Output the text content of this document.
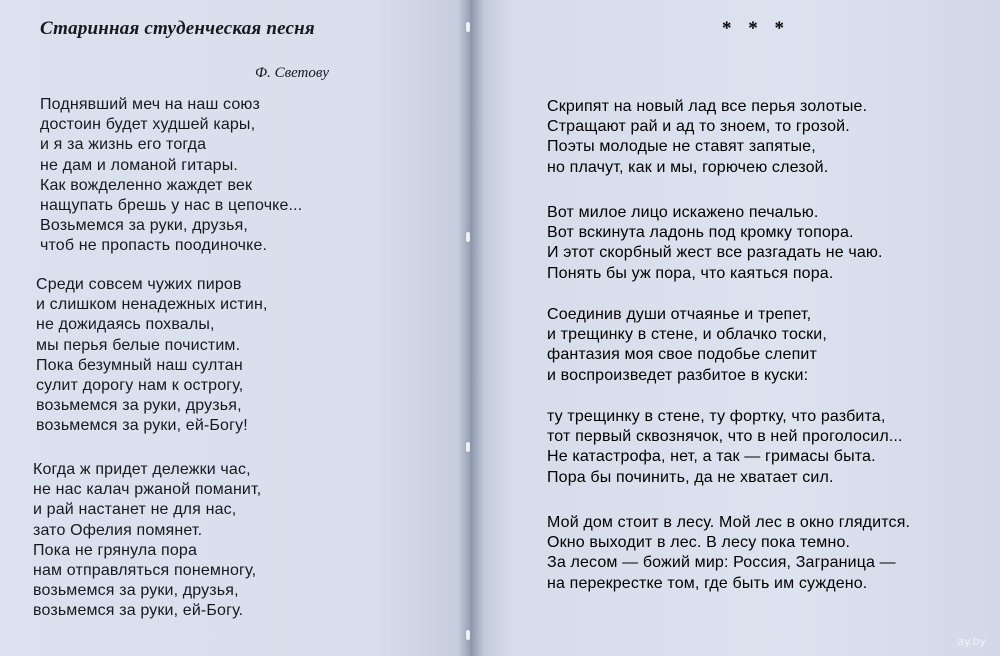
Старинная студенческая песня
Ф. Светову
Поднявший меч на наш союз
достоин будет худшей кары,
и я за жизнь его тогда
не дам и ломаной гитары.
Как вожделенно жаждет век
нащупать брешь у нас в цепочке...
Возьмемся за руки, друзья,
чтоб не пропасть поодиночке.
Среди совсем чужих пиров
и слишком ненадежных истин,
не дожидаясь похвалы,
мы перья белые почистим.
Пока безумный наш султан
сулит дорогу нам к острогу,
возьмемся за руки, друзья,
возьмемся за руки, ей-Богу!
Когда ж придет дележки час,
не нас калач ржаной поманит,
и рай настанет не для нас,
зато Офелия помянет.
Пока не грянула пора
нам отправляться понемногу,
возьмемся за руки, друзья,
возьмемся за руки, ей-Богу.
* * *
Скрипят на новый лад все перья золотые.
Стращают рай и ад то зноем, то грозой.
Поэты молодые не ставят запятые,
но плачут, как и мы, горючею слезой.
Вот милое лицо искажено печалью.
Вот вскинута ладонь под кромку топора.
И этот скорбный жест все разгадать не чаю.
Понять бы уж пора, что каяться пора.
Соединив души отчаянье и трепет,
и трещинку в стене, и облачко тоски,
фантазия моя свое подобье слепит
и воспроизведет разбитое в куски:
ту трещинку в стене, ту фортку, что разбита,
тот первый сквознячок, что в ней проголосил...
Не катастрофа, нет, а так — гримасы быта.
Пора бы починить, да не хватает сил.
Мой дом стоит в лесу. Мой лес в окно глядится.
Окно выходит в лес. В лесу пока темно.
За лесом — божий мир: Россия, Заграница —
на перекрестке том, где быть им суждено.
ay.by
